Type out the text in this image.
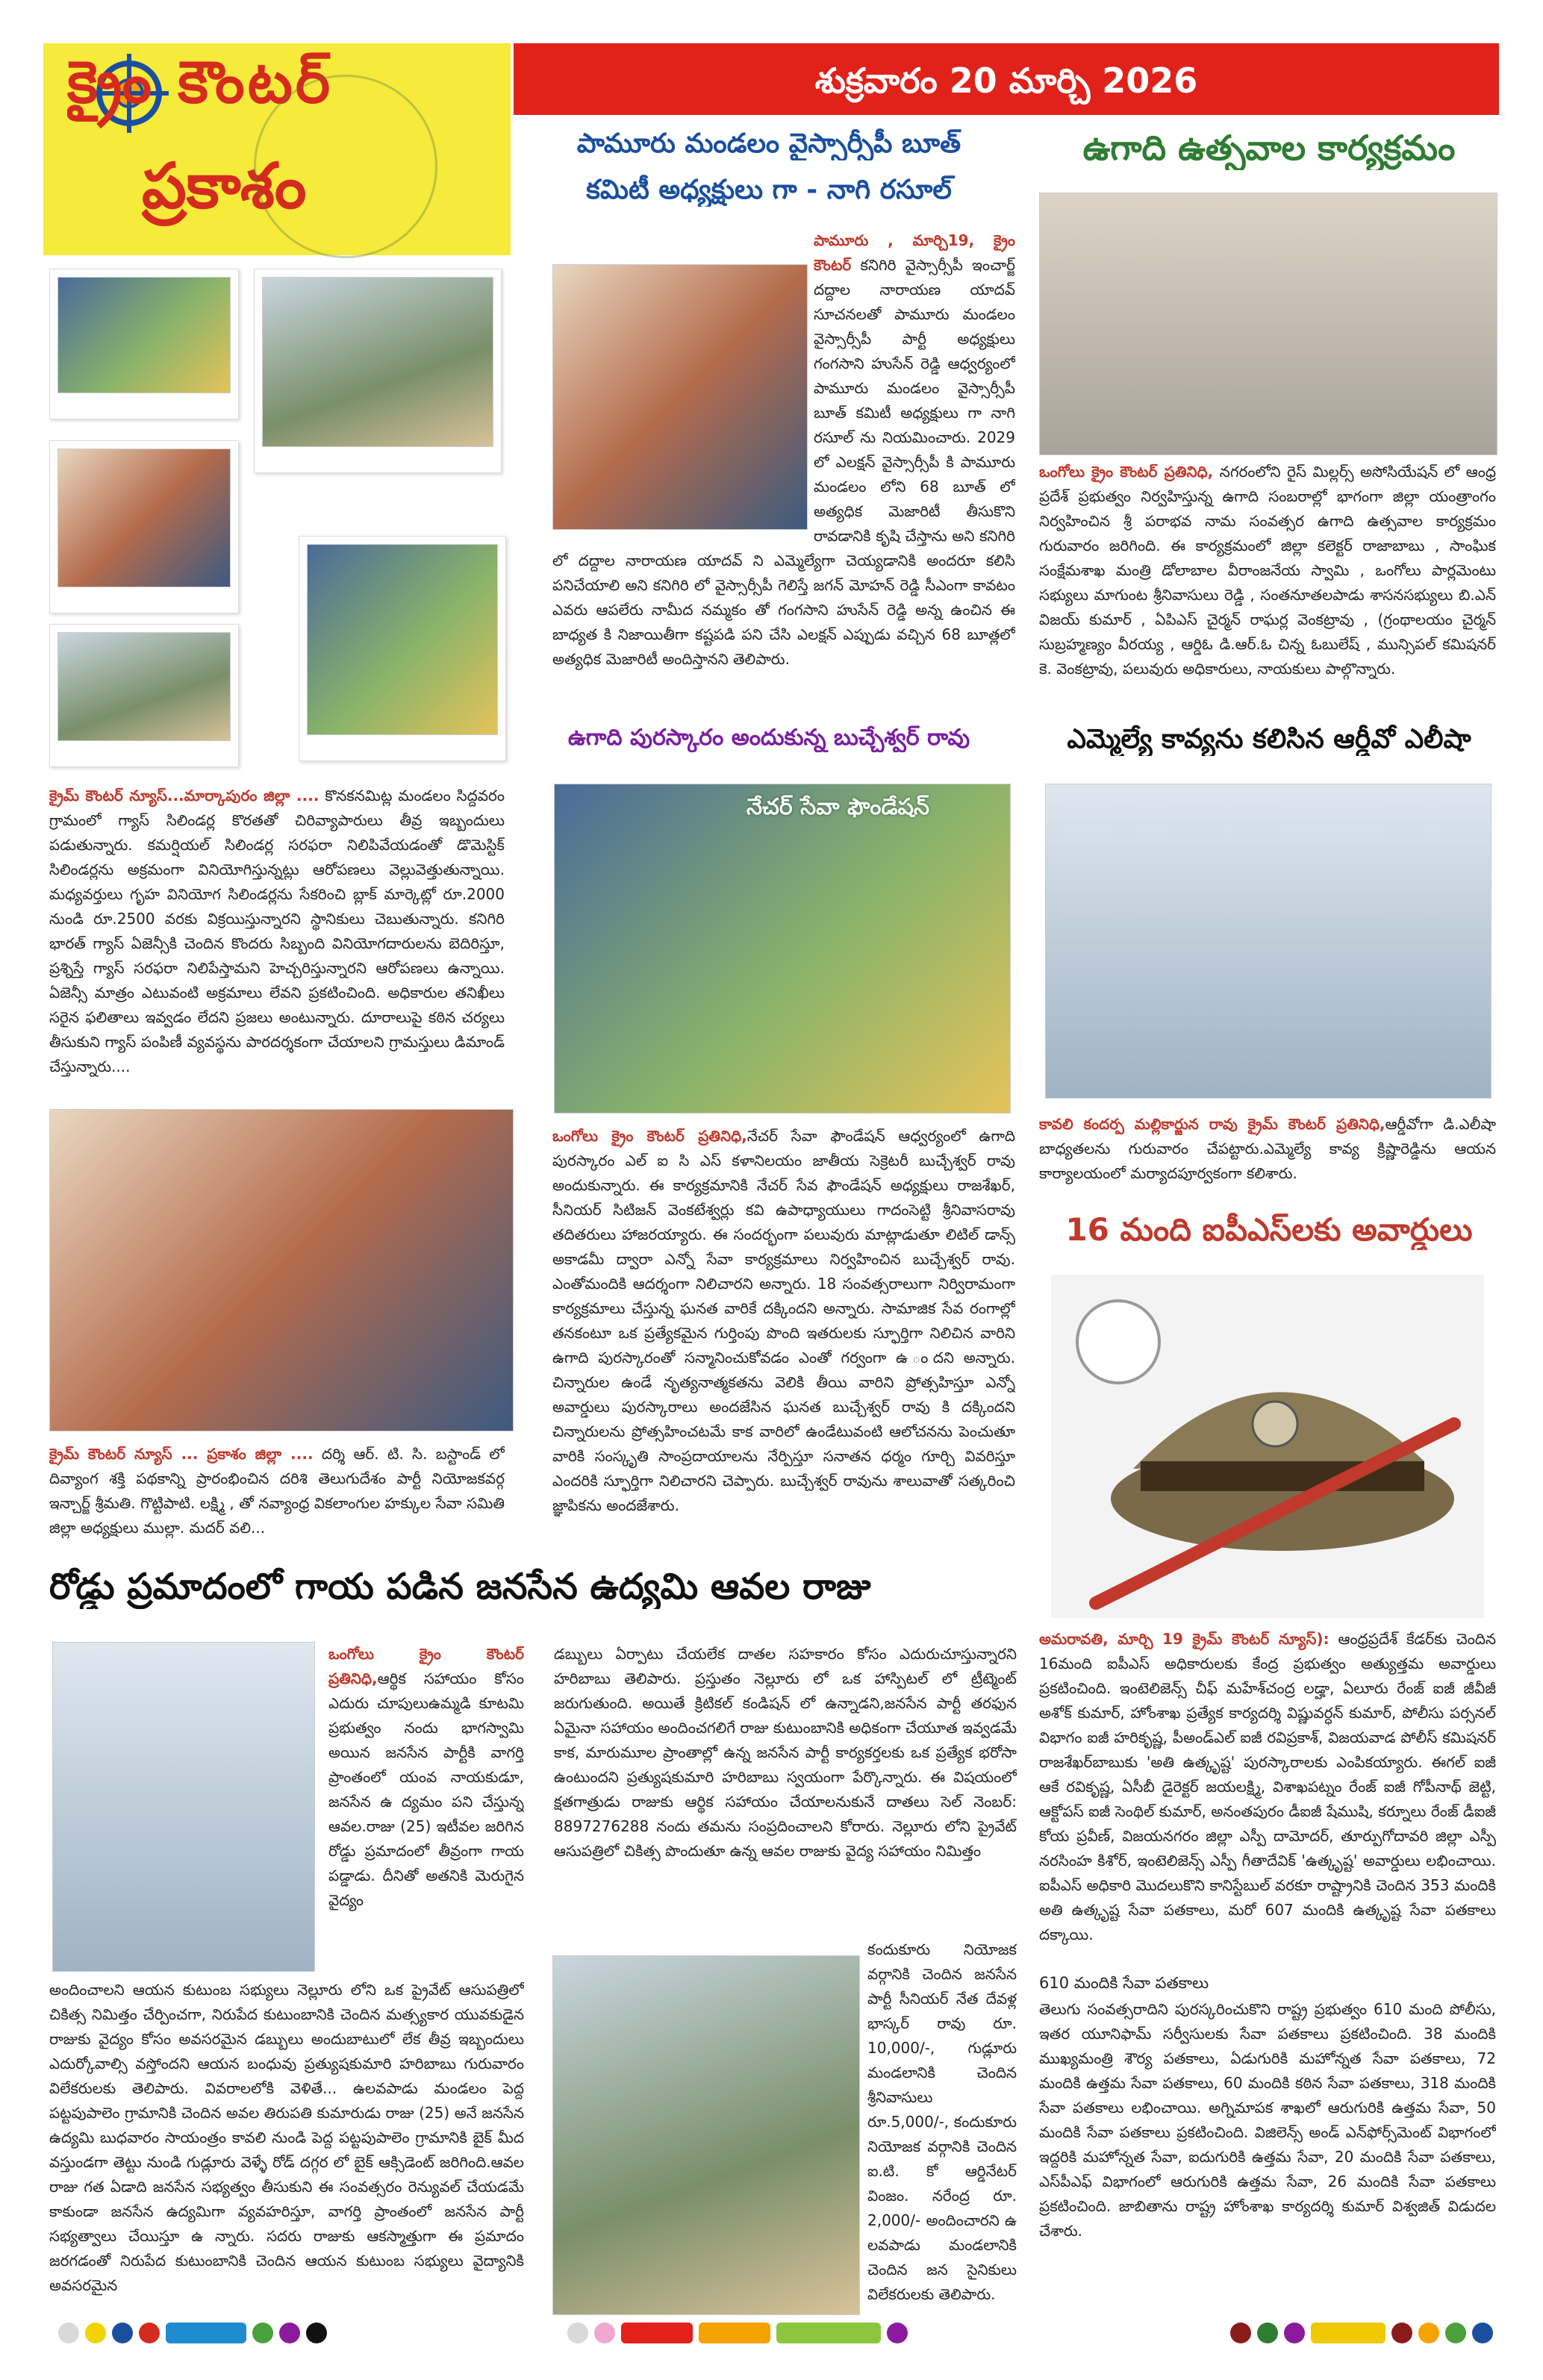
క్రైం కౌంటర్
ప్రకాశం
శుక్రవారం 20 మార్చి 2026
క్రైమ్ కౌంటర్ న్యూస్...మార్కాపురం జిల్లా .... కొనకనమిట్ల మండలం సిద్దవరం గ్రామంలో గ్యాస్ సిలిండర్ల కొరతతో చిరివ్యాపారులు తీవ్ర ఇబ్బందులు పడుతున్నారు. కమర్షియల్ సిలిండర్ల సరఫరా నిలిపివేయడంతో డొమెస్టిక్ సిలిండర్లను అక్రమంగా వినియోగిస్తున్నట్లు ఆరోపణలు వెల్లువెత్తుతున్నాయి. మధ్యవర్తులు గృహ వినియోగ సిలిండర్లను సేకరించి బ్లాక్ మార్కెట్లో రూ.2000 నుండి రూ.2500 వరకు విక్రయిస్తున్నారని స్థానికులు చెబుతున్నారు. కనిగిరి భారత్ గ్యాస్ ఏజెన్సీకి చెందిన కొందరు సిబ్బంది వినియోగదారులను బెదిరిస్తూ, ప్రశ్నిస్తే గ్యాస్ సరఫరా నిలిపేస్తామని హెచ్చరిస్తున్నారని ఆరోపణలు ఉన్నాయి. ఏజెన్సీ మాత్రం ఎటువంటి అక్రమాలు లేవని ప్రకటించింది. అధికారుల తనిఖీలు సరైన ఫలితాలు ఇవ్వడం లేదని ప్రజలు అంటున్నారు. దూరాలుపై కఠిన చర్యలు తీసుకుని గ్యాస్ పంపిణీ వ్యవస్థను పారదర్శకంగా చేయాలని గ్రామస్తులు డిమాండ్ చేస్తున్నారు....
క్రైమ్ కౌంటర్ న్యూస్ ... ప్రకాశం జిల్లా .... దర్శి ఆర్. టి. సి. బస్టాండ్ లో దివ్యాంగ శక్తి పథకాన్ని ప్రారంభించిన దరిశి తెలుగుదేశం పార్టీ నియోజకవర్గ ఇన్చార్జ్ శ్రీమతి. గొట్టిపాటి. లక్ష్మి , తో నవ్యాంధ్ర వికలాంగుల హక్కుల సేవా సమితి జిల్లా అధ్యక్షులు ముల్లా. మదర్ వలి...
పామూరు మండలం వైస్సార్సీపీ బూత్
కమిటీ అధ్యక్షులు గా - నాగి రసూల్
పామూరు , మార్చి19, క్రైం కౌంటర్ కనిగిరి వైస్సార్సీపీ ఇంచార్జ్ దద్దాల నారాయణ యాదవ్ సూచనలతో పామూరు మండలం వైస్సార్సీపీ పార్టీ అధ్యక్షులు గంగసాని హుసేన్ రెడ్డి ఆధ్వర్యంలో పామూరు మండలం వైస్సార్సీపీ బూత్ కమిటీ అధ్యక్షులు గా నాగి రసూల్ ను నియమించారు. 2029 లో ఎలక్షన్ వైస్సార్సీపీ కి పామూరు మండలం లోని 68 బూత్ లో అత్యధిక మెజారిటీ తీసుకొని రావడానికి కృషి చేస్తాను అని కనిగిరి లో దద్దాల నారాయణ యాదవ్ ని ఎమ్మెల్యేగా చెయ్యడానికి అందరూ కలిసి పనిచేయాలి అని కనిగిరి లో వైస్సార్సీపీ గెలిస్తే జగన్ మోహన్ రెడ్డి సీఎంగా కావటం ఎవరు ఆపలేరు నామీద నమ్మకం తో గంగసాని హుసేన్ రెడ్డి అన్న ఉంచిన ఈ బాధ్యత కి నిజాయితీగా కష్టపడి పని చేసి ఎలక్షన్ ఎప్పుడు వచ్చిన 68 బూత్లలో అత్యధిక మెజారిటీ అందిస్తానని తెలిపారు.
ఉగాది పురస్కారం అందుకున్న బుచ్చేశ్వర్ రావు
నేచర్ సేవా ఫౌండేషన్
ఒంగోలు క్రైం కౌంటర్ ప్రతినిధి,నేచర్ సేవా ఫౌండేషన్ ఆధ్వర్యంలో ఉగాది పురస్కారం ఎల్ ఐ సి ఎస్ కళానిలయం జాతీయ సెక్రెటరీ బుచ్చేశ్వర్ రావు అందుకున్నారు. ఈ కార్యక్రమానికి నేచర్ సేవ ఫౌండేషన్ అధ్యక్షులు రాజశేఖర్, సీనియర్ సిటిజన్ వెంకటేశ్వర్లు కవి ఉపాధ్యాయులు గాదంసెట్టి శ్రీనివాసరావు తదితరులు హాజరయ్యారు. ఈ సందర్భంగా పలువురు మాట్లాడుతూ లిటిల్ డాన్స్ అకాడమీ ద్వారా ఎన్నో సేవా కార్యక్రమాలు నిర్వహించిన బుచ్చేశ్వర్ రావు. ఎంతోమందికి ఆదర్శంగా నిలిచారని అన్నారు. 18 సంవత్సరాలుగా నిర్విరామంగా కార్యక్రమాలు చేస్తున్న ఘనత వారికే దక్కిందని అన్నారు. సామాజిక సేవ రంగాల్లో తనకంటూ ఒక ప్రత్యేకమైన గుర్తింపు పొంది ఇతరులకు స్ఫూర్తిగా నిలిచిన వారిని ఉగాది పురస్కారంతో సన్మానించుకోవడం ఎంతో గర్వంగా ఉ ందని అన్నారు. చిన్నారుల ఉండే నృత్యనాత్మకతను వెలికి తీయి వారిని ప్రోత్సహిస్తూ ఎన్నో అవార్డులు పురస్కారాలు అందజేసిన ఘనత బుచ్చేశ్వర్ రావు కి దక్కిందని చిన్నారులను ప్రోత్సహించటమే కాక వారిలో ఉండేటువంటి ఆలోచనను పెంచుతూ వారికి సంస్కృతి సాంప్రదాయాలను నేర్పిస్తూ సనాతన ధర్మం గూర్చి వివరిస్తూ ఎందరికి స్ఫూర్తిగా నిలిచారని చెప్పారు. బుచ్చేశ్వర్ రావును శాలువాతో సత్కరించి జ్ఞాపికను అందజేశారు.
ఉగాది ఉత్సవాల కార్యక్రమం
ఒంగోలు క్రైం కౌంటర్ ప్రతినిధి, నగరంలోని రైస్ మిల్లర్స్ అసోసియేషన్ లో ఆంధ్ర ప్రదేశ్ ప్రభుత్వం నిర్వహిస్తున్న ఉగాది సంబరాల్లో భాగంగా జిల్లా యంత్రాంగం నిర్వహించిన శ్రీ పరాభవ నామ సంవత్సర ఉగాది ఉత్సవాల కార్యక్రమం గురువారం జరిగింది. ఈ కార్యక్రమంలో జిల్లా కలెక్టర్ రాజాబాబు , సాంఘిక సంక్షేమశాఖ మంత్రి డోలాబాల వీరాంజనేయ స్వామి , ఒంగోలు పార్లమెంటు సభ్యులు మాగుంట శ్రీనివాసులు రెడ్డి , సంతనూతలపాడు శాసనసభ్యులు బి.ఎన్ విజయ్ కుమార్ , ఏపిఎస్ చైర్మన్ రాఘర్ల వెంకట్రావు , (గ్రంథాలయం చైర్మన్ సుబ్రహ్మణ్యం వీరయ్య , ఆర్డిఓ డి.ఆర్.ఓ చిన్న ఓబులేష్ , మున్సిపల్ కమిషనర్ కె. వెంకట్రావు, పలువురు అధికారులు, నాయకులు పాల్గొన్నారు.
ఎమ్మెల్యే కావ్యను కలిసిన ఆర్డీవో ఎలీషా
కావలి కందర్ప మల్లికార్జున రావు క్రైమ్ కౌంటర్ ప్రతినిధి,ఆర్డీవోగా డి.ఎలీషా బాధ్యతలను గురువారం చేపట్టారు.ఎమ్మెల్యే కావ్య క్రిష్ణారెడ్డిను ఆయన కార్యాలయంలో మర్యాదపూర్వకంగా కలిశారు.
16 మంది ఐపీఎస్‌లకు అవార్డులు
అమరావతి, మార్చి 19 క్రైమ్ కౌంటర్ న్యూస్): ఆంధ్రప్రదేశ్ కేడర్‌కు చెందిన 16మంది ఐపీఎస్ అధికారులకు కేంద్ర ప్రభుత్వం అత్యుత్తమ అవార్డులు ప్రకటించింది. ఇంటెలిజెన్స్ చీఫ్ మహేశ్‌చంద్ర లడ్హా, ఏలూరు రేంజ్ ఐజీ జీవీజీ అశోక్ కుమార్, హోంశాఖ ప్రత్యేక కార్యదర్శి విష్ణువర్ధన్ కుమార్, పోలీసు పర్సనల్ విభాగం ఐజీ హరికృష్ణ, పీఅండ్ఎల్ ఐజీ రవిప్రకాశ్, విజయవాడ పోలీస్ కమిషనర్ రాజశేఖర్‌బాబుకు 'అతి ఉత్కృష్ట' పురస్కారాలకు ఎంపికయ్యారు. ఈగల్ ఐజీ ఆకే రవికృష్ణ, ఏసీబీ డైరెక్టర్ జయలక్ష్మి, విశాఖపట్నం రేంజ్ ఐజీ గోపీనాథ్ జెట్టి, ఆక్టోపస్ ఐజీ సెంథిల్ కుమార్, అనంతపురం డీఐజీ షేముషి, కర్నూలు రేంజ్ డీఐజీ కోయ ప్రవీణ్, విజయనగరం జిల్లా ఎస్పీ దామోదర్, తూర్పుగోదావరి జిల్లా ఎస్పీ నరసింహ కిశోర్, ఇంటెలిజెన్స్ ఎస్పీ గీతాదేవిక్ 'ఉత్కృష్ట' అవార్డులు లభించాయి. ఐపీఎస్ అధికారి మొదలుకొని కానిస్టేబుల్ వరకూ రాష్ట్రానికి చెందిన 353 మందికి అతి ఉత్కృష్ట సేవా పతకాలు, మరో 607 మందికి ఉత్కృష్ట సేవా పతకాలు దక్కాయి.
610 మందికి సేవా పతకాలు
తెలుగు సంవత్సరాదిని పురస్కరించుకొని రాష్ట్ర ప్రభుత్వం 610 మంది పోలీసు, ఇతర యూనిఫామ్ సర్వీసులకు సేవా పతకాలు ప్రకటించింది. 38 మందికి ముఖ్యమంత్రి శౌర్య పతకాలు, ఏడుగురికి మహోన్నత సేవా పతకాలు, 72 మందికి ఉత్తమ సేవా పతకాలు, 60 మందికి కఠిన సేవా పతకాలు, 318 మందికి సేవా పతకాలు లభించాయి. అగ్నిమాపక శాఖలో ఆరుగురికి ఉత్తమ సేవా, 50 మందికి సేవా పతకాలు ప్రకటించింది. విజిలెన్స్ అండ్ ఎన్‌ఫోర్స్‌మెంట్ విభాగంలో ఇద్దరికి మహోన్నత సేవా, ఐదుగురికి ఉత్తమ సేవా, 20 మందికి సేవా పతకాలు, ఎస్‌పీఎఫ్ విభాగంలో ఆరుగురికి ఉత్తమ సేవా, 26 మందికి సేవా పతకాలు ప్రకటించింది. జాబితాను రాష్ట్ర హోంశాఖ కార్యదర్శి కుమార్ విశ్వజిత్ విడుదల చేశారు.
రోడ్డు ప్రమాదంలో గాయ పడిన జనసేన ఉద్యమి ఆవల రాజు
ఒంగోలు క్రైం కౌంటర్ ప్రతినిధి,ఆర్థిక సహాయం కోసం ఎదురు చూపులుఉమ్మడి కూటమి ప్రభుత్వం నందు భాగస్వామి అయిన జనసేన పార్టీకి వాగర్తి ప్రాంతంలో యంవ నాయకుడూ, జనసేన ఉ ద్యమం పని చేస్తున్న ఆవల.రాజు (25) ఇటీవల జరిగిన రోడ్డు ప్రమాదంలో తీవ్రంగా గాయ పడ్డాడు. దీనితో అతనికి మెరుగైన వైద్యం
అందించాలని ఆయన కుటుంబ సభ్యులు నెల్లూరు లోని ఒక ప్రైవేట్ ఆసుపత్రిలో చికిత్స నిమిత్తం చేర్పించగా, నిరుపేద కుటుంబానికి చెందిన మత్స్యకార యువకుడైన రాజుకు వైద్యం కోసం అవసరమైన డబ్బులు అందుబాటులో లేక తీవ్ర ఇబ్బందులు ఎదుర్కోవాల్సి వస్తోందని ఆయన బంధువు ప్రత్యుషకుమారి హరిబాబు గురువారం విలేకరులకు తెలిపారు. వివరాలలోకి వెళితే... ఉలవపాడు మండలం పెద్ద పట్టపుపాలెం గ్రామానికి చెందిన అవల తిరుపతి కుమారుడు రాజు (25) అనే జనసేన ఉద్యమి బుధవారం సాయంత్రం కావలి నుండి పెద్ద పట్టపుపాలెం గ్రామానికి బైక్ మీద వస్తుండగా తెట్టు నుండి గుడ్లూరు వెళ్ళే రోడ్ దగ్గర లో బైక్ ఆక్సిడెంట్ జరిగింది.ఆవల రాజు గత ఏడాది జనసేన సభ్యత్వం తీసుకుని ఈ సంవత్సరం రెన్యువల్ చేయడమే కాకుండా జనసేన ఉద్యమిగా వ్యవహరిస్తూ, వాగర్తి ప్రాంతంలో జనసేన పార్టీ సభ్యత్వాలు చేయిస్తూ ఉ న్నారు. సదరు రాజుకు ఆకస్మాత్తుగా ఈ ప్రమాదం జరగడంతో నిరుపేద కుటుంబానికి చెందిన ఆయన కుటుంబ సభ్యులు వైద్యానికి అవసరమైన
డబ్బులు ఏర్పాటు చేయలేక దాతల సహకారం కోసం ఎదురుచూస్తున్నారని హరిబాబు తెలిపారు. ప్రస్తుతం నెల్లూరు లో ఒక హాస్పిటల్ లో ట్రీట్మెంట్ జరుగుతుంది. అయితే క్రిటికల్ కండిషన్ లో ఉన్నాడని,జనసేన పార్టీ తరఫున ఏమైనా సహాయం అందించగలిగే రాజు కుటుంబానికి అధికంగా చేయూత ఇవ్వడమే కాక, మారుమూల ప్రాంతాల్లో ఉన్న జనసేన పార్టీ కార్యకర్తలకు ఒక ప్రత్యేక భరోసా ఉంటుందని ప్రత్యుషకుమారి హరిబాబు స్వయంగా పేర్కొన్నారు. ఈ విషయంలో క్షతగాత్రుడు రాజుకు ఆర్థిక సహాయం చేయాలనుకునే దాతలు సెల్ నెంబర్: 8897276288 నందు తమను సంప్రదించాలని కోరారు. నెల్లూరు లోని ప్రైవేట్ ఆసుపత్రిలో చికిత్స పొందుతూ ఉన్న ఆవల రాజుకు వైద్య సహాయం నిమిత్తం
కందుకూరు నియోజక వర్గానికి చెందిన జనసేన పార్టీ సీనియర్ నేత దేవళ్ల భాస్కర్ రావు రూ. 10,000/-, గుడ్లూరు మండలానికి చెందిన శ్రీనివాసులు రూ.5,000/-, కందుకూరు నియోజక వర్గానికి చెందిన ఐ.టి. కో ఆర్డినేటర్ వింజం. నరేంద్ర రూ. 2,000/- అందించారని ఉ లవపాడు మండలానికి చెందిన జన సైనికులు విలేకరులకు తెలిపారు.
